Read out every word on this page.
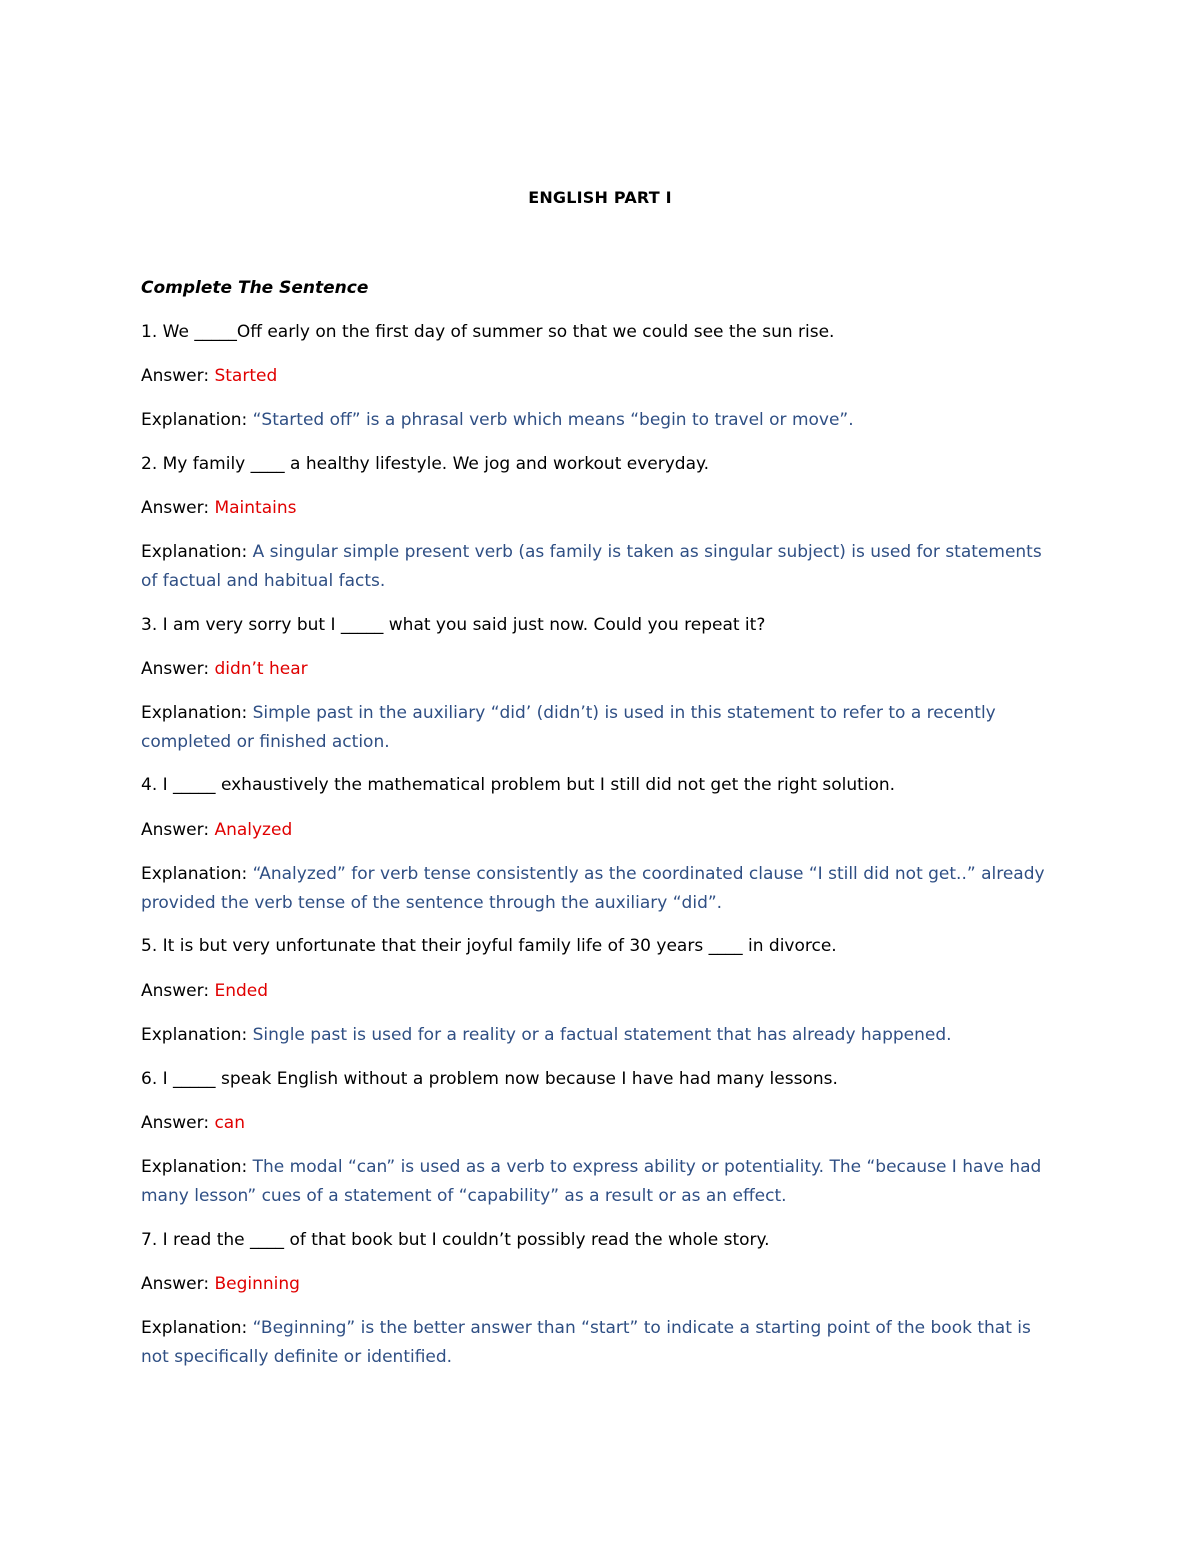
ENGLISH PART I
Complete The Sentence
1. We _____Off early on the first day of summer so that we could see the sun rise.
Answer: Started
Explanation: “Started off” is a phrasal verb which means “begin to travel or move”.
2. My family ____ a healthy lifestyle. We jog and workout everyday.
Answer: Maintains
Explanation: A singular simple present verb (as family is taken as singular subject) is used for statements of factual and habitual facts.
3. I am very sorry but I _____ what you said just now. Could you repeat it?
Answer: didn’t hear
Explanation: Simple past in the auxiliary “did’ (didn’t) is used in this statement to refer to a recently completed or finished action.
4. I _____ exhaustively the mathematical problem but I still did not get the right solution.
Answer: Analyzed
Explanation: “Analyzed” for verb tense consistently as the coordinated clause “I still did not get..” already provided the verb tense of the sentence through the auxiliary “did”.
5. It is but very unfortunate that their joyful family life of 30 years ____ in divorce.
Answer: Ended
Explanation: Single past is used for a reality or a factual statement that has already happened.
6. I _____ speak English without a problem now because I have had many lessons.
Answer: can
Explanation: The modal “can” is used as a verb to express ability or potentiality. The “because I have had many lesson” cues of a statement of “capability” as a result or as an effect.
7. I read the ____ of that book but I couldn’t possibly read the whole story.
Answer: Beginning
Explanation: “Beginning” is the better answer than “start” to indicate a starting point of the book that is not specifically definite or identified.
